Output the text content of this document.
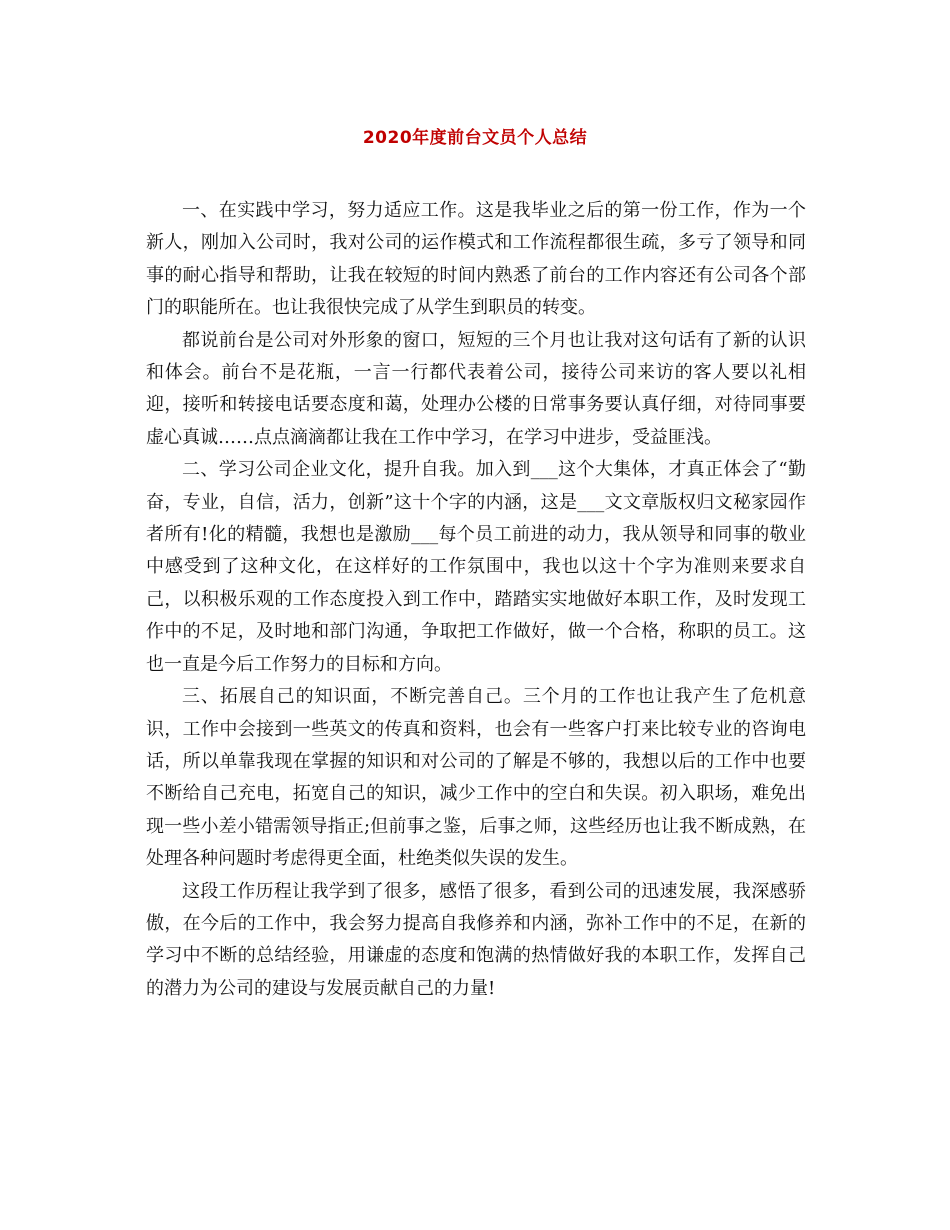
2020年度前台文员个人总结

一、在实践中学习，努力适应工作。这是我毕业之后的第一份工作，作为一个新人，刚加入公司时，我对公司的运作模式和工作流程都很生疏，多亏了领导和同事的耐心指导和帮助，让我在较短的时间内熟悉了前台的工作内容还有公司各个部门的职能所在。也让我很快完成了从学生到职员的转变。

都说前台是公司对外形象的窗口，短短的三个月也让我对这句话有了新的认识和体会。前台不是花瓶，一言一行都代表着公司，接待公司来访的客人要以礼相迎，接听和转接电话要态度和蔼，处理办公楼的日常事务要认真仔细，对待同事要虚心真诚……点点滴滴都让我在工作中学习，在学习中进步，受益匪浅。

二、学习公司企业文化，提升自我。加入到___这个大集体，才真正体会了“勤奋，专业，自信，活力，创新”这十个字的内涵，这是___文文章版权归文秘家园作者所有!化的精髓，我想也是激励___每个员工前进的动力，我从领导和同事的敬业中感受到了这种文化，在这样好的工作氛围中，我也以这十个字为准则来要求自己，以积极乐观的工作态度投入到工作中，踏踏实实地做好本职工作，及时发现工作中的不足，及时地和部门沟通，争取把工作做好，做一个合格，称职的员工。这也一直是今后工作努力的目标和方向。

三、拓展自己的知识面，不断完善自己。三个月的工作也让我产生了危机意识，工作中会接到一些英文的传真和资料，也会有一些客户打来比较专业的咨询电话，所以单靠我现在掌握的知识和对公司的了解是不够的，我想以后的工作中也要不断给自己充电，拓宽自己的知识，减少工作中的空白和失误。初入职场，难免出现一些小差小错需领导指正;但前事之鉴，后事之师，这些经历也让我不断成熟，在处理各种问题时考虑得更全面，杜绝类似失误的发生。

这段工作历程让我学到了很多，感悟了很多，看到公司的迅速发展，我深感骄傲，在今后的工作中，我会努力提高自我修养和内涵，弥补工作中的不足，在新的学习中不断的总结经验，用谦虚的态度和饱满的热情做好我的本职工作，发挥自己的潜力为公司的建设与发展贡献自己的力量!
